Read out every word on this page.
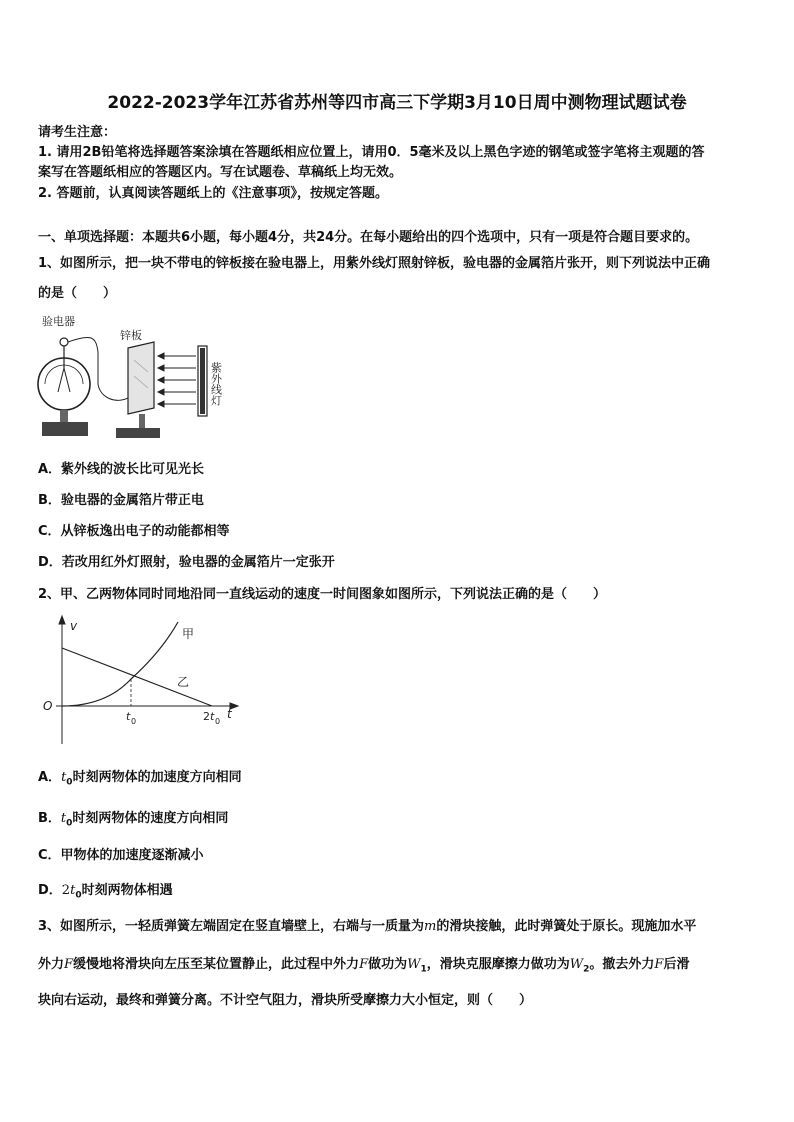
2022-2023学年江苏省苏州等四市高三下学期3月10日周中测物理试题试卷
请考生注意：
1. 请用2B铅笔将选择题答案涂填在答题纸相应位置上，请用0．5毫米及以上黑色字迹的钢笔或签字笔将主观题的答
案写在答题纸相应的答题区内。写在试题卷、草稿纸上均无效。
2. 答题前，认真阅读答题纸上的《注意事项》，按规定答题。
一、单项选择题：本题共6小题，每小题4分，共24分。在每小题给出的四个选项中，只有一项是符合题目要求的。
1、如图所示，把一块不带电的锌板接在验电器上，用紫外线灯照射锌板，验电器的金属箔片张开，则下列说法中正确
的是（　　）
验电器
锌板
紫外线灯
A．紫外线的波长比可见光长
B．验电器的金属箔片带正电
C．从锌板逸出电子的动能都相等
D．若改用红外灯照射，验电器的金属箔片一定张开
2、甲、乙两物体同时同地沿同一直线运动的速度一时间图象如图所示，下列说法正确的是（　　）
v
O
t
t 0	2 t 0
甲
乙
A．$t_0$时刻两物体的加速度方向相同
B．$t_0$时刻两物体的速度方向相同
C．甲物体的加速度逐渐减小
D．$2t_0$时刻两物体相遇
3、如图所示，一轻质弹簧左端固定在竖直墙壁上，右端与一质量为m的滑块接触，此时弹簧处于原长。现施加水平
外力F缓慢地将滑块向左压至某位置静止，此过程中外力F做功为$W_1$，滑块克服摩擦力做功为$W_2$。撤去外力F后滑
块向右运动，最终和弹簧分离。不计空气阻力，滑块所受摩擦力大小恒定，则（　　）
